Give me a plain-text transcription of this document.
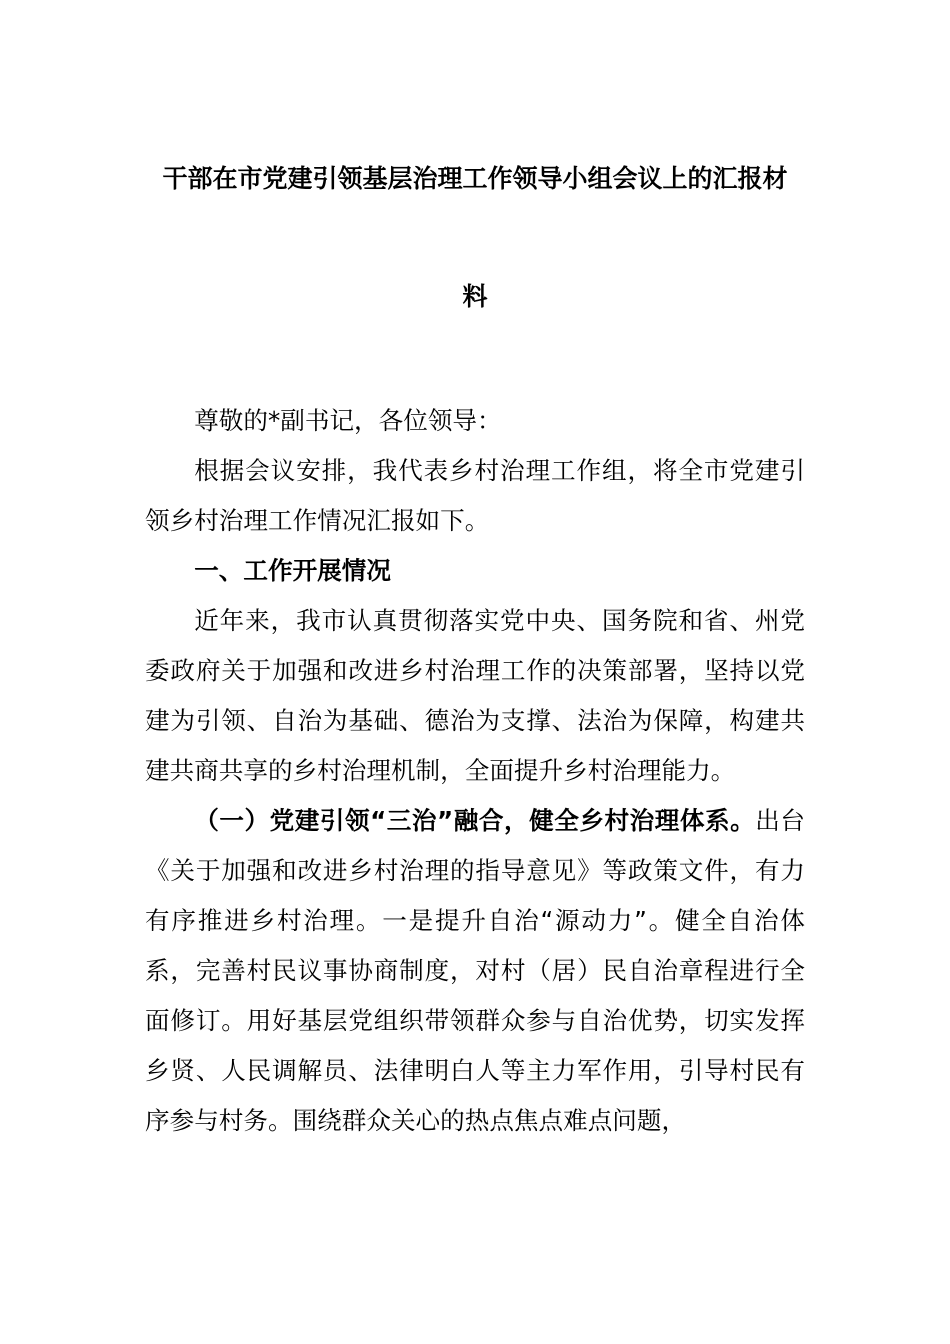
干部在市党建引领基层治理工作领导小组会议上的汇报材
料

尊敬的*副书记，各位领导：

根据会议安排，我代表乡村治理工作组，将全市党建引领乡村治理工作情况汇报如下。

一、工作开展情况

近年来，我市认真贯彻落实党中央、国务院和省、州党委政府关于加强和改进乡村治理工作的决策部署，坚持以党建为引领、自治为基础、德治为支撑、法治为保障，构建共建共商共享的乡村治理机制，全面提升乡村治理能力。

（一）党建引领“三治”融合，健全乡村治理体系。出台《关于加强和改进乡村治理的指导意见》等政策文件，有力有序推进乡村治理。一是提升自治“源动力”。健全自治体系，完善村民议事协商制度，对村（居）民自治章程进行全面修订。用好基层党组织带领群众参与自治优势，切实发挥乡贤、人民调解员、法律明白人等主力军作用，引导村民有序参与村务。围绕群众关心的热点焦点难点问题，
